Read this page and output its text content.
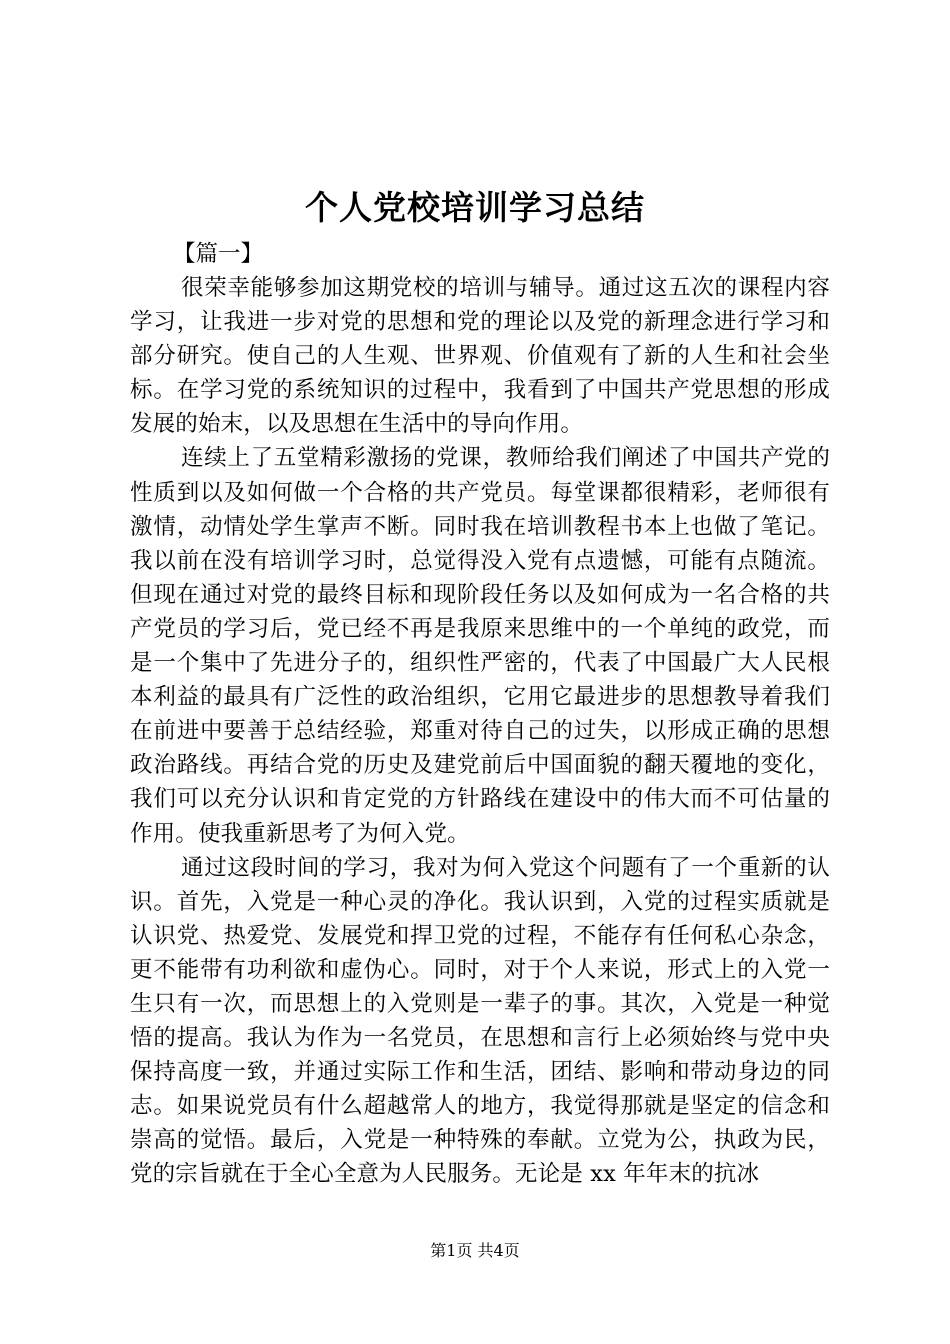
个人党校培训学习总结

【篇一】

很荣幸能够参加这期党校的培训与辅导。通过这五次的课程内容学习，让我进一步对党的思想和党的理论以及党的新理念进行学习和部分研究。使自己的人生观、世界观、价值观有了新的人生和社会坐标。在学习党的系统知识的过程中，我看到了中国共产党思想的形成发展的始末，以及思想在生活中的导向作用。

连续上了五堂精彩激扬的党课，教师给我们阐述了中国共产党的性质到以及如何做一个合格的共产党员。每堂课都很精彩，老师很有激情，动情处学生掌声不断。同时我在培训教程书本上也做了笔记。我以前在没有培训学习时，总觉得没入党有点遗憾，可能有点随流。但现在通过对党的最终目标和现阶段任务以及如何成为一名合格的共产党员的学习后，党已经不再是我原来思维中的一个单纯的政党，而是一个集中了先进分子的，组织性严密的，代表了中国最广大人民根本利益的最具有广泛性的政治组织，它用它最进步的思想教导着我们在前进中要善于总结经验，郑重对待自己的过失，以形成正确的思想政治路线。再结合党的历史及建党前后中国面貌的翻天覆地的变化，我们可以充分认识和肯定党的方针路线在建设中的伟大而不可估量的作用。使我重新思考了为何入党。

通过这段时间的学习，我对为何入党这个问题有了一个重新的认识。首先，入党是一种心灵的净化。我认识到，入党的过程实质就是认识党、热爱党、发展党和捍卫党的过程，不能存有任何私心杂念，更不能带有功利欲和虚伪心。同时，对于个人来说，形式上的入党一生只有一次，而思想上的入党则是一辈子的事。其次，入党是一种觉悟的提高。我认为作为一名党员，在思想和言行上必须始终与党中央保持高度一致，并通过实际工作和生活，团结、影响和带动身边的同志。如果说党员有什么超越常人的地方，我觉得那就是坚定的信念和崇高的觉悟。最后，入党是一种特殊的奉献。立党为公，执政为民，党的宗旨就在于全心全意为人民服务。无论是 xx 年年末的抗冰

第1页 共4页
